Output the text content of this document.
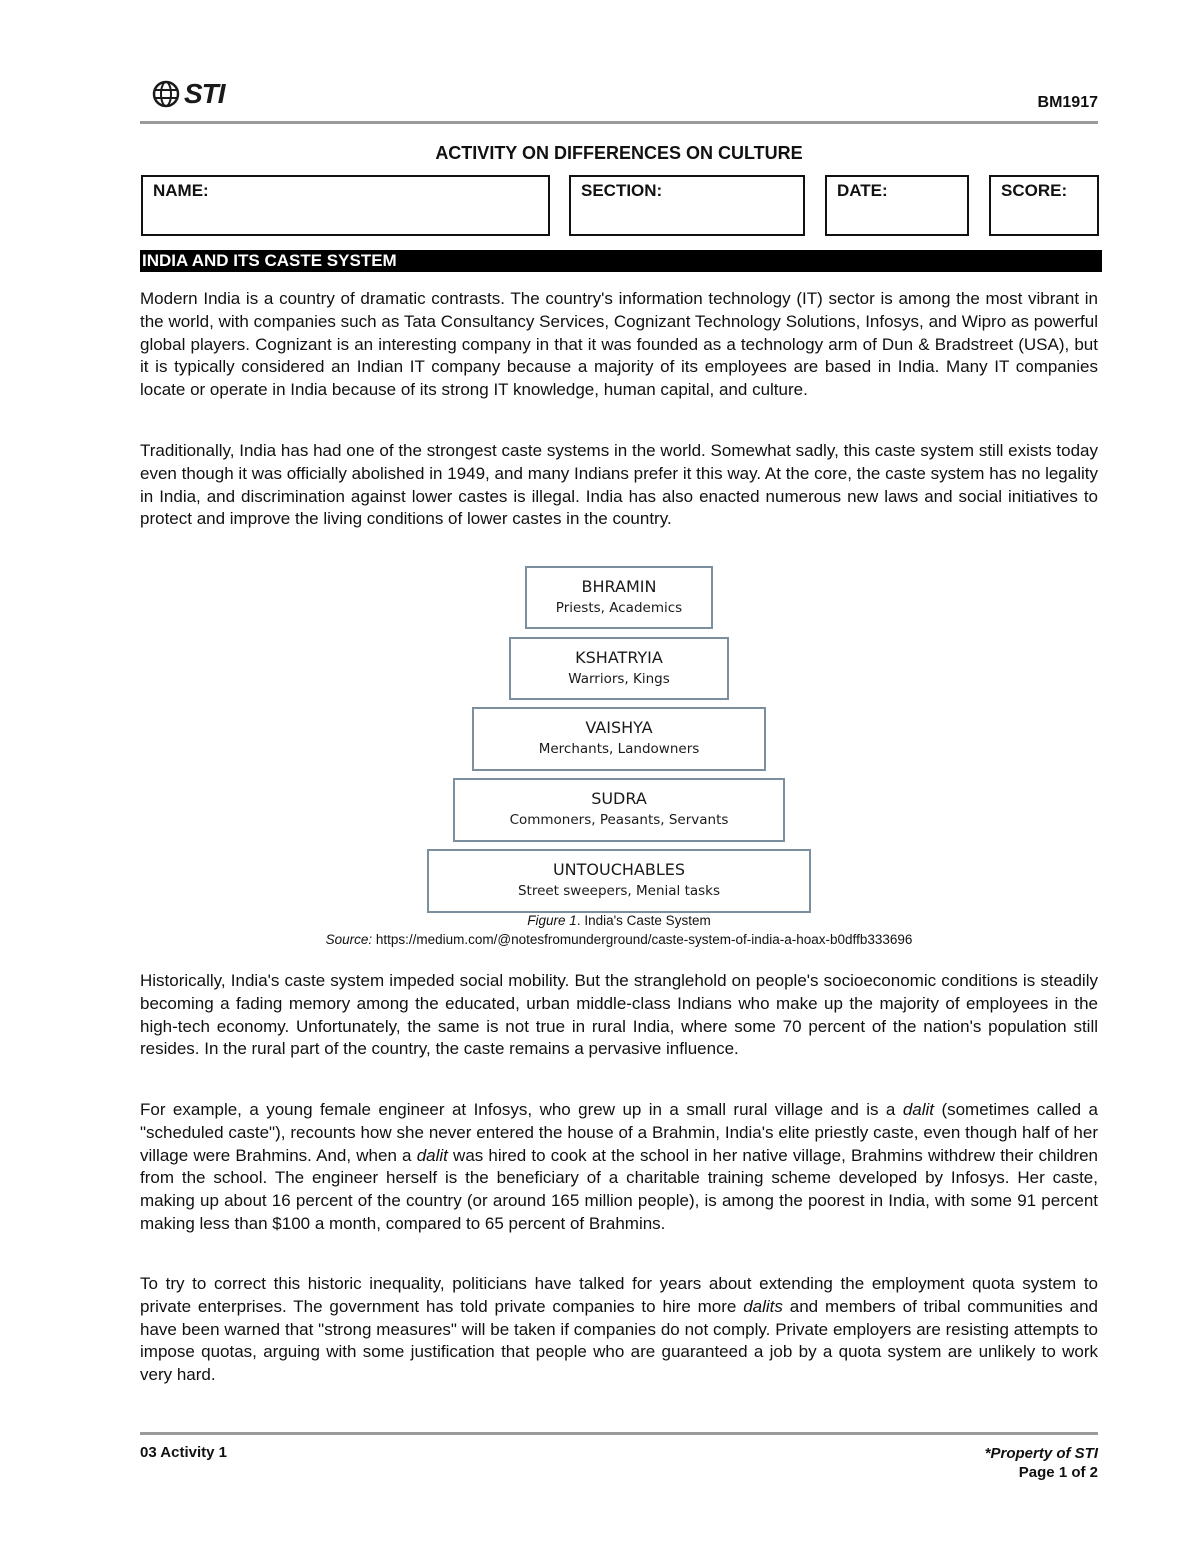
STI	BM1917
ACTIVITY ON DIFFERENCES ON CULTURE
NAME:	SECTION:	DATE:	SCORE:
INDIA AND ITS CASTE SYSTEM

Modern India is a country of dramatic contrasts. The country's information technology (IT) sector is among the most vibrant in the world, with companies such as Tata Consultancy Services, Cognizant Technology Solutions, Infosys, and Wipro as powerful global players. Cognizant is an interesting company in that it was founded as a technology arm of Dun & Bradstreet (USA), but it is typically considered an Indian IT company because a majority of its employees are based in India. Many IT companies locate or operate in India because of its strong IT knowledge, human capital, and culture.

Traditionally, India has had one of the strongest caste systems in the world. Somewhat sadly, this caste system still exists today even though it was officially abolished in 1949, and many Indians prefer it this way. At the core, the caste system has no legality in India, and discrimination against lower castes is illegal. India has also enacted numerous new laws and social initiatives to protect and improve the living conditions of lower castes in the country.

BHRAMIN
Priests, Academics
KSHATRYIA
Warriors, Kings
VAISHYA
Merchants, Landowners
SUDRA
Commoners, Peasants, Servants
UNTOUCHABLES
Street sweepers, Menial tasks
Figure 1. India's Caste System
Source: https://medium.com/@notesfromunderground/caste-system-of-india-a-hoax-b0dffb333696

Historically, India's caste system impeded social mobility. But the stranglehold on people's socioeconomic conditions is steadily becoming a fading memory among the educated, urban middle-class Indians who make up the majority of employees in the high-tech economy. Unfortunately, the same is not true in rural India, where some 70 percent of the nation's population still resides. In the rural part of the country, the caste remains a pervasive influence.

For example, a young female engineer at Infosys, who grew up in a small rural village and is a dalit (sometimes called a "scheduled caste"), recounts how she never entered the house of a Brahmin, India's elite priestly caste, even though half of her village were Brahmins. And, when a dalit was hired to cook at the school in her native village, Brahmins withdrew their children from the school. The engineer herself is the beneficiary of a charitable training scheme developed by Infosys. Her caste, making up about 16 percent of the country (or around 165 million people), is among the poorest in India, with some 91 percent making less than $100 a month, compared to 65 percent of Brahmins.

To try to correct this historic inequality, politicians have talked for years about extending the employment quota system to private enterprises. The government has told private companies to hire more dalits and members of tribal communities and have been warned that "strong measures" will be taken if companies do not comply. Private employers are resisting attempts to impose quotas, arguing with some justification that people who are guaranteed a job by a quota system are unlikely to work very hard.

03 Activity 1	*Property of STI
Page 1 of 2
